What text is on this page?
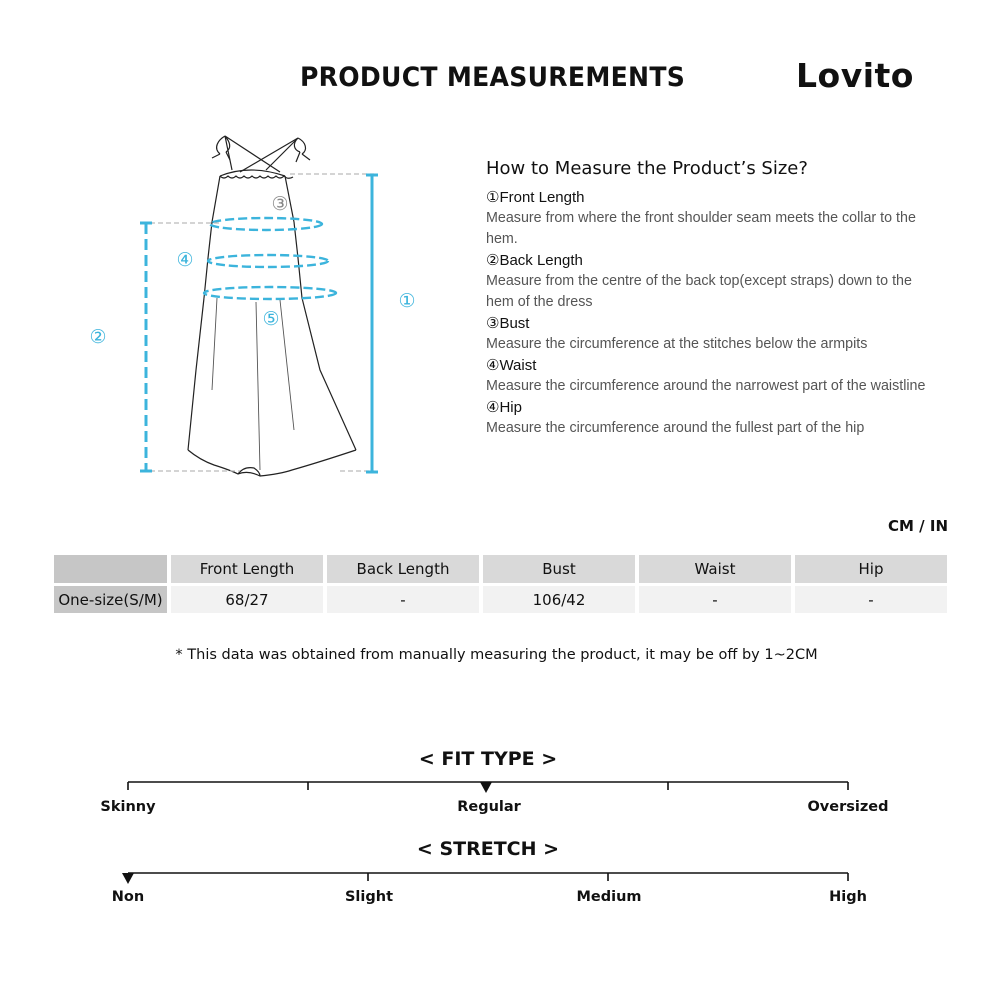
PRODUCT MEASUREMENTS	Lovito
①
②
③
④
⑤
How to Measure the Product’s Size?
①Front Length
Measure from where the front shoulder seam meets the collar to the hem.
②Back Length
Measure from the centre of the back top(except straps) down to the hem of the dress
③Bust
Measure the circumference at the stitches below the armpits
④Waist
Measure the circumference around the narrowest part of the waistline
④Hip
Measure the circumference around the fullest part of the hip
CM / IN
	Front Length	Back Length	Bust	Waist	Hip
One-size(S/M)	68/27	-	106/42	-	-
* This data was obtained from manually measuring the product, it may be off by 1~2CM
< FIT TYPE >
Skinny	Regular	Oversized
< STRETCH >
Non	Slight	Medium	High
